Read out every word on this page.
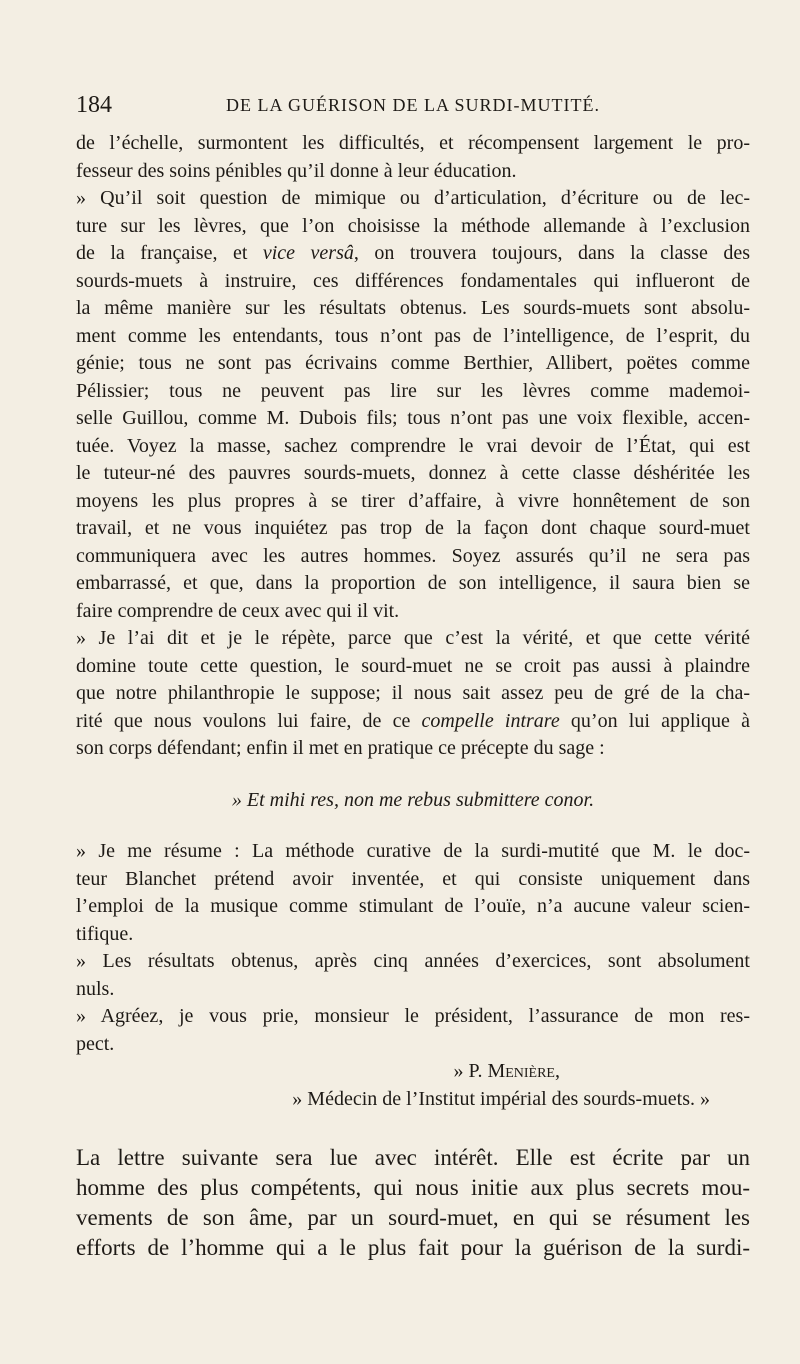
184	DE LA GUÉRISON DE LA SURDI-MUTITÉ.
de l’échelle, surmontent les difficultés, et récompensent largement le pro-
fesseur des soins pénibles qu’il donne à leur éducation.
» Qu’il soit question de mimique ou d’articulation, d’écriture ou de lec-
ture sur les lèvres, que l’on choisisse la méthode allemande à l’exclusion
de la française, et vice versâ, on trouvera toujours, dans la classe des
sourds-muets à instruire, ces différences fondamentales qui influeront de
la même manière sur les résultats obtenus. Les sourds-muets sont absolu-
ment comme les entendants, tous n’ont pas de l’intelligence, de l’esprit, du
génie; tous ne sont pas écrivains comme Berthier, Allibert, poëtes comme
Pélissier; tous ne peuvent pas lire sur les lèvres comme mademoi-
selle Guillou, comme M. Dubois fils; tous n’ont pas une voix flexible, accen-
tuée. Voyez la masse, sachez comprendre le vrai devoir de l’État, qui est
le tuteur-né des pauvres sourds-muets, donnez à cette classe déshéritée les
moyens les plus propres à se tirer d’affaire, à vivre honnêtement de son
travail, et ne vous inquiétez pas trop de la façon dont chaque sourd-muet
communiquera avec les autres hommes. Soyez assurés qu’il ne sera pas
embarrassé, et que, dans la proportion de son intelligence, il saura bien se
faire comprendre de ceux avec qui il vit.
» Je l’ai dit et je le répète, parce que c’est la vérité, et que cette vérité
domine toute cette question, le sourd-muet ne se croit pas aussi à plaindre
que notre philanthropie le suppose; il nous sait assez peu de gré de la cha-
rité que nous voulons lui faire, de ce compelle intrare qu’on lui applique à
son corps défendant; enfin il met en pratique ce précepte du sage :
» Et mihi res, non me rebus submittere conor.
» Je me résume : La méthode curative de la surdi-mutité que M. le doc-
teur Blanchet prétend avoir inventée, et qui consiste uniquement dans
l’emploi de la musique comme stimulant de l’ouïe, n’a aucune valeur scien-
tifique.
» Les résultats obtenus, après cinq années d’exercices, sont absolument
nuls.
» Agréez, je vous prie, monsieur le président, l’assurance de mon res-
pect.
» P. Menière,
» Médecin de l’Institut impérial des sourds-muets. »
La lettre suivante sera lue avec intérêt. Elle est écrite par un
homme des plus compétents, qui nous initie aux plus secrets mou-
vements de son âme, par un sourd-muet, en qui se résument les
efforts de l’homme qui a le plus fait pour la guérison de la surdi-
